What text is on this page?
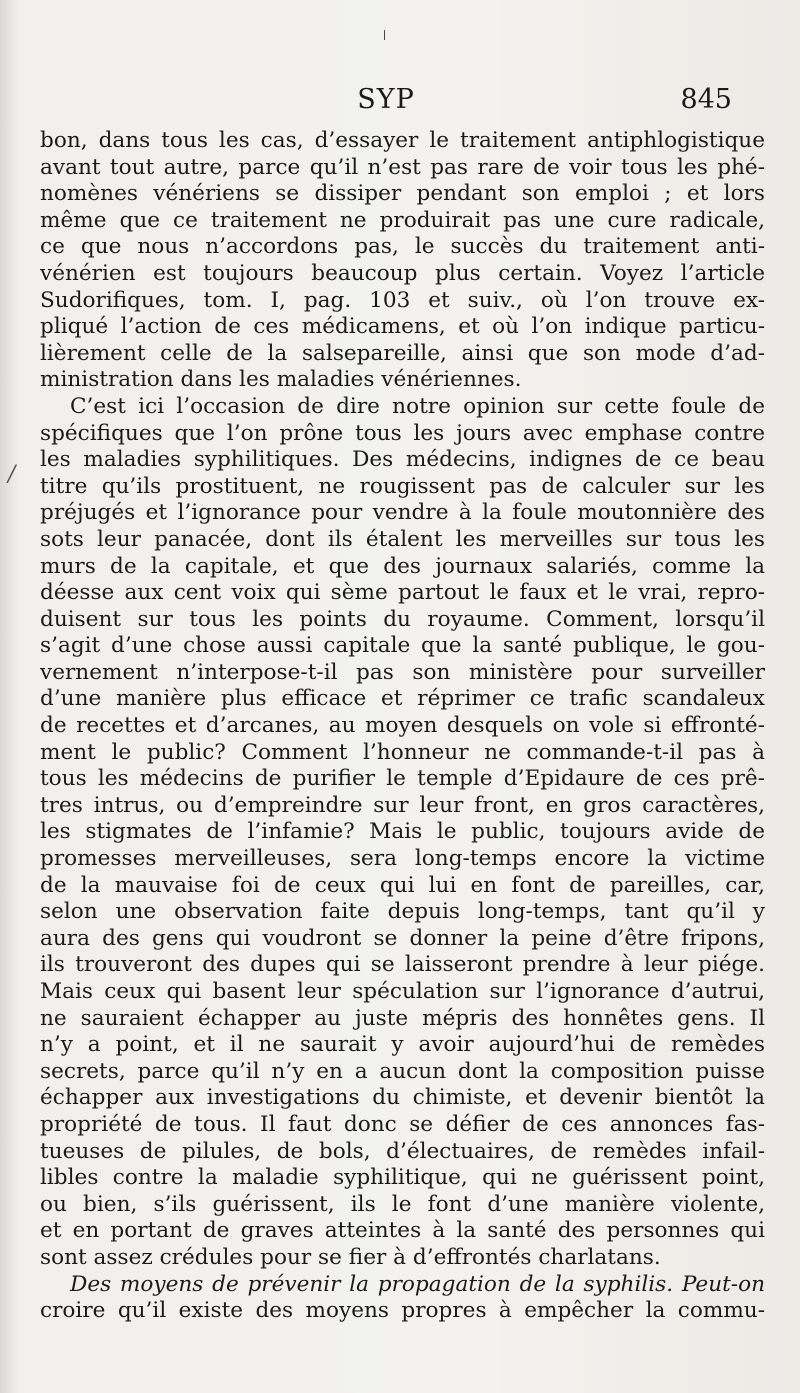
SYP	845
/
bon, dans tous les cas, d’essayer le traitement antiphlogistique
avant tout autre, parce qu’il n’est pas rare de voir tous les phé-
nomènes vénériens se dissiper pendant son emploi ; et lors
même que ce traitement ne produirait pas une cure radicale,
ce que nous n’accordons pas, le succès du traitement anti-
vénérien est toujours beaucoup plus certain. Voyez l’article
Sudorifiques, tom. I, pag. 103 et suiv., où l’on trouve ex-
pliqué l’action de ces médicamens, et où l’on indique particu-
lièrement celle de la salsepareille, ainsi que son mode d’ad-
ministration dans les maladies vénériennes.
C’est ici l’occasion de dire notre opinion sur cette foule de
spécifiques que l’on prône tous les jours avec emphase contre
les maladies syphilitiques. Des médecins, indignes de ce beau
titre qu’ils prostituent, ne rougissent pas de calculer sur les
préjugés et l’ignorance pour vendre à la foule moutonnière des
sots leur panacée, dont ils étalent les merveilles sur tous les
murs de la capitale, et que des journaux salariés, comme la
déesse aux cent voix qui sème partout le faux et le vrai, repro-
duisent sur tous les points du royaume. Comment, lorsqu’il
s’agit d’une chose aussi capitale que la santé publique, le gou-
vernement n’interpose-t-il pas son ministère pour surveiller
d’une manière plus efficace et réprimer ce trafic scandaleux
de recettes et d’arcanes, au moyen desquels on vole si effronté-
ment le public? Comment l’honneur ne commande-t-il pas à
tous les médecins de purifier le temple d’Epidaure de ces prê-
tres intrus, ou d’empreindre sur leur front, en gros caractères,
les stigmates de l’infamie? Mais le public, toujours avide de
promesses merveilleuses, sera long-temps encore la victime
de la mauvaise foi de ceux qui lui en font de pareilles, car,
selon une observation faite depuis long-temps, tant qu’il y
aura des gens qui voudront se donner la peine d’être fripons,
ils trouveront des dupes qui se laisseront prendre à leur piége.
Mais ceux qui basent leur spéculation sur l’ignorance d’autrui,
ne sauraient échapper au juste mépris des honnêtes gens. Il
n’y a point, et il ne saurait y avoir aujourd’hui de remèdes
secrets, parce qu’il n’y en a aucun dont la composition puisse
échapper aux investigations du chimiste, et devenir bientôt la
propriété de tous. Il faut donc se défier de ces annonces fas-
tueuses de pilules, de bols, d’électuaires, de remèdes infail-
libles contre la maladie syphilitique, qui ne guérissent point,
ou bien, s’ils guérissent, ils le font d’une manière violente,
et en portant de graves atteintes à la santé des personnes qui
sont assez crédules pour se fier à d’effrontés charlatans.
Des moyens de prévenir la propagation de la syphilis. Peut-on
croire qu’il existe des moyens propres à empêcher la commu-
